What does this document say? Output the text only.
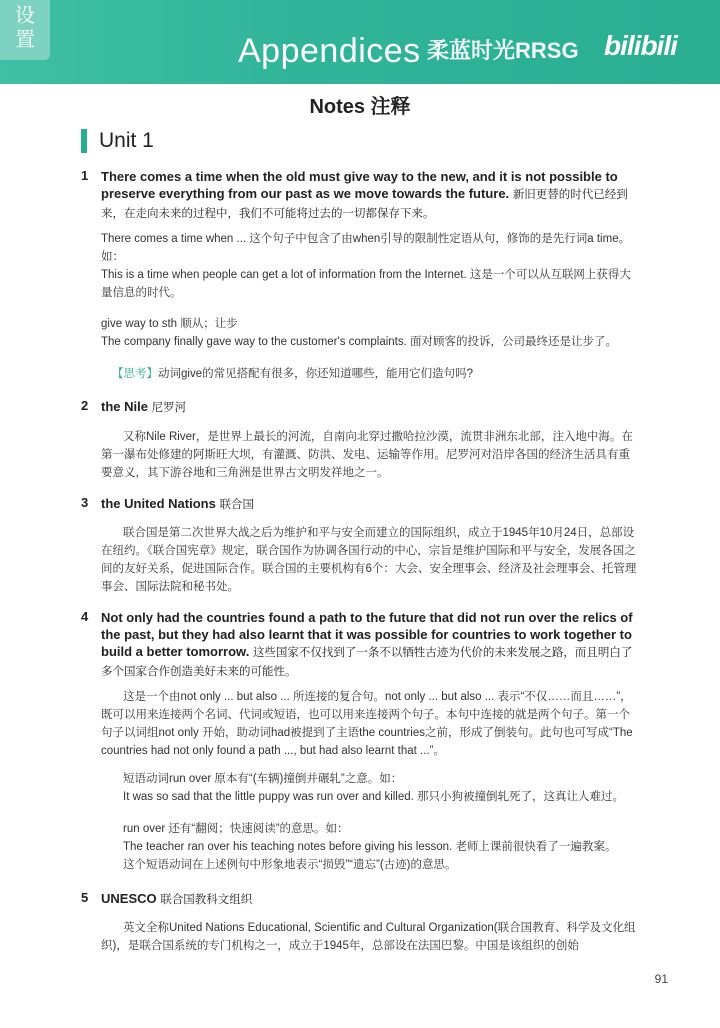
设
置	Appendices 柔蓝时光RRSG bilibili
Notes 注释
Unit 1
1 There comes a time when the old must give way to the new, and it is not possible to preserve everything from our past as we move towards the future. 新旧更替的时代已经到来，在走向未来的过程中，我们不可能将过去的一切都保存下来。
There comes a time when ... 这个句子中包含了由when引导的限制性定语从句，修饰的是先行词a time。如：
This is a time when people can get a lot of information from the Internet. 这是一个可以从互联网上获得大量信息的时代。
give way to sth 顺从；让步
The company finally gave way to the customer's complaints. 面对顾客的投诉，公司最终还是让步了。
【思考】动词give的常见搭配有很多，你还知道哪些，能用它们造句吗?
2 the Nile 尼罗河
又称Nile River，是世界上最长的河流，自南向北穿过撒哈拉沙漠，流贯非洲东北部，注入地中海。在第一瀑布处修建的阿斯旺大坝，有灌溉、防洪、发电、运输等作用。尼罗河对沿岸各国的经济生活具有重要意义，其下游谷地和三角洲是世界古文明发祥地之一。
3 the United Nations 联合国
联合国是第二次世界大战之后为维护和平与安全而建立的国际组织，成立于1945年10月24日，总部设在纽约。《联合国宪章》规定，联合国作为协调各国行动的中心，宗旨是维护国际和平与安全，发展各国之间的友好关系，促进国际合作。联合国的主要机构有6个：大会、安全理事会、经济及社会理事会、托管理事会、国际法院和秘书处。
4 Not only had the countries found a path to the future that did not run over the relics of the past, but they had also learnt that it was possible for countries to work together to build a better tomorrow. 这些国家不仅找到了一条不以牺牲古迹为代价的未来发展之路，而且明白了多个国家合作创造美好未来的可能性。
这是一个由not only ... but also ... 所连接的复合句。not only ... but also ... 表示“不仅……而且……”，既可以用来连接两个名词、代词或短语，也可以用来连接两个句子。本句中连接的就是两个句子。第一个句子以词组not only 开始，助动词had被提到了主语the countries之前，形成了倒装句。此句也可写成“The countries had not only found a path ..., but had also learnt that ...”。
短语动词run over 原本有“(车辆)撞倒并碾轧”之意。如：
It was so sad that the little puppy was run over and killed. 那只小狗被撞倒轧死了，这真让人难过。
run over 还有“翻阅；快速阅读”的意思。如：
The teacher ran over his teaching notes before giving his lesson. 老师上课前很快看了一遍教案。
这个短语动词在上述例句中形象地表示“损毁”“遗忘”(古迹)的意思。
5 UNESCO 联合国教科文组织
英文全称United Nations Educational, Scientific and Cultural Organization(联合国教育、科学及文化组织)，是联合国系统的专门机构之一，成立于1945年，总部设在法国巴黎。中国是该组织的创始
91
